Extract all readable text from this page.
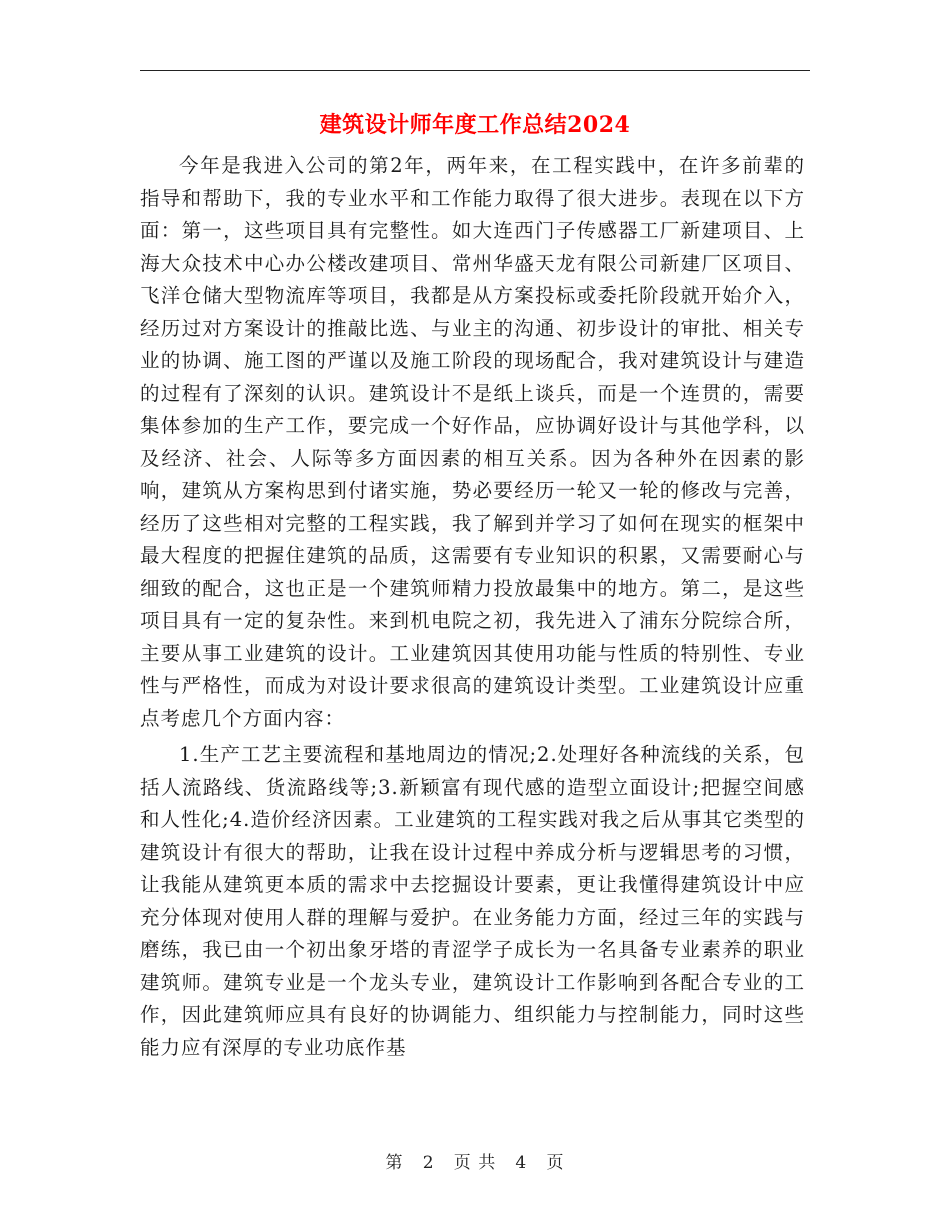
建筑设计师年度工作总结2024

今年是我进入公司的第2年，两年来，在工程实践中，在许多前辈的指导和帮助下，我的专业水平和工作能力取得了很大进步。表现在以下方面：第一，这些项目具有完整性。如大连西门子传感器工厂新建项目、上海大众技术中心办公楼改建项目、常州华盛天龙有限公司新建厂区项目、飞洋仓储大型物流库等项目，我都是从方案投标或委托阶段就开始介入，经历过对方案设计的推敲比选、与业主的沟通、初步设计的审批、相关专业的协调、施工图的严谨以及施工阶段的现场配合，我对建筑设计与建造的过程有了深刻的认识。建筑设计不是纸上谈兵，而是一个连贯的，需要集体参加的生产工作，要完成一个好作品，应协调好设计与其他学科，以及经济、社会、人际等多方面因素的相互关系。因为各种外在因素的影响，建筑从方案构思到付诸实施，势必要经历一轮又一轮的修改与完善，经历了这些相对完整的工程实践，我了解到并学习了如何在现实的框架中最大程度的把握住建筑的品质，这需要有专业知识的积累，又需要耐心与细致的配合，这也正是一个建筑师精力投放最集中的地方。第二，是这些项目具有一定的复杂性。来到机电院之初，我先进入了浦东分院综合所，主要从事工业建筑的设计。工业建筑因其使用功能与性质的特别性、专业性与严格性，而成为对设计要求很高的建筑设计类型。工业建筑设计应重点考虑几个方面内容：

1.生产工艺主要流程和基地周边的情况;2.处理好各种流线的关系，包括人流路线、货流路线等;3.新颖富有现代感的造型立面设计;把握空间感和人性化;4.造价经济因素。工业建筑的工程实践对我之后从事其它类型的建筑设计有很大的帮助，让我在设计过程中养成分析与逻辑思考的习惯，让我能从建筑更本质的需求中去挖掘设计要素，更让我懂得建筑设计中应充分体现对使用人群的理解与爱护。在业务能力方面，经过三年的实践与磨练，我已由一个初出象牙塔的青涩学子成长为一名具备专业素养的职业建筑师。建筑专业是一个龙头专业，建筑设计工作影响到各配合专业的工作，因此建筑师应具有良好的协调能力、组织能力与控制能力，同时这些能力应有深厚的专业功底作基

第 2 页 共 4 页
